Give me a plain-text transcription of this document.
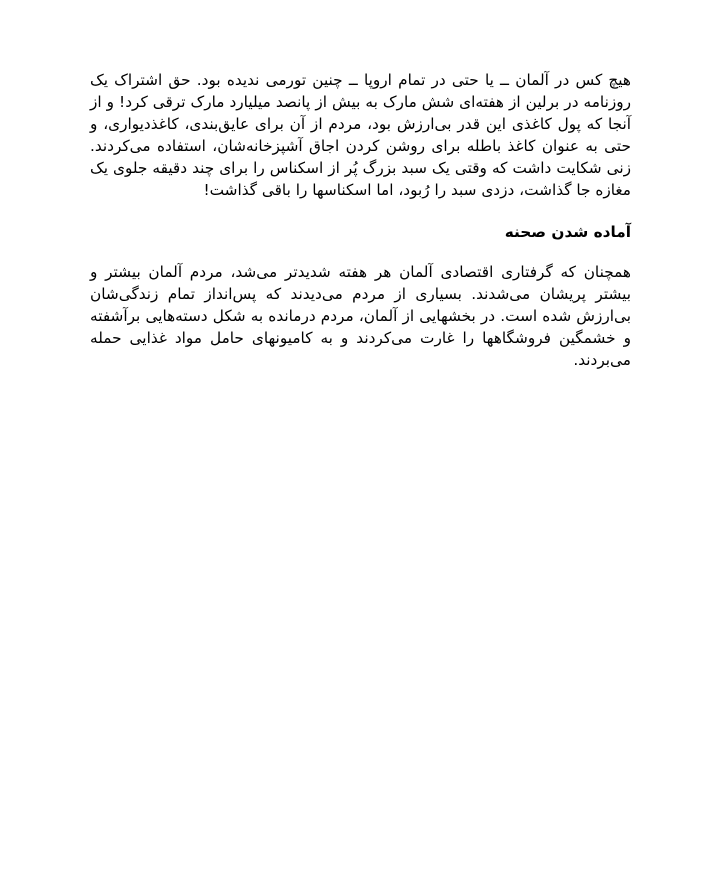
هیچ کس در آلمان ــ یا حتی در تمام اروپا ــ چنین تورمی ندیده بود. حق اشتراک یک روزنامه در برلین از هفته‌ای شش مارک به بیش از پانصد میلیارد مارک ترقی کرد! و از آنجا که پول کاغذی این قدر بی‌ارزش بود، مردم از آن برای عایق‌بندی، کاغذدیواری، و حتی به عنوان کاغذ باطله برای روشن کردن اجاق آشپزخانه‌شان، استفاده می‌کردند. زنی شکایت داشت که وقتی یک سبد بزرگ پُر از اسکناس را برای چند دقیقه جلوی یک مغازه جا گذاشت، دزدی سبد را رُبود، اما اسکناسها را باقی گذاشت!

آماده شدن صحنه

همچنان که گرفتاری اقتصادی آلمان هر هفته شدیدتر می‌شد، مردم آلمان بیشتر و بیشتر پریشان می‌شدند. بسیاری از مردم می‌دیدند که پس‌انداز تمام زندگی‌شان بی‌ارزش شده است. در بخشهایی از آلمان، مردم درمانده به شکل دسته‌هایی برآشفته و خشمگین فروشگاهها را غارت می‌کردند و به کامیونهای حامل مواد غذایی حمله می‌بردند.
